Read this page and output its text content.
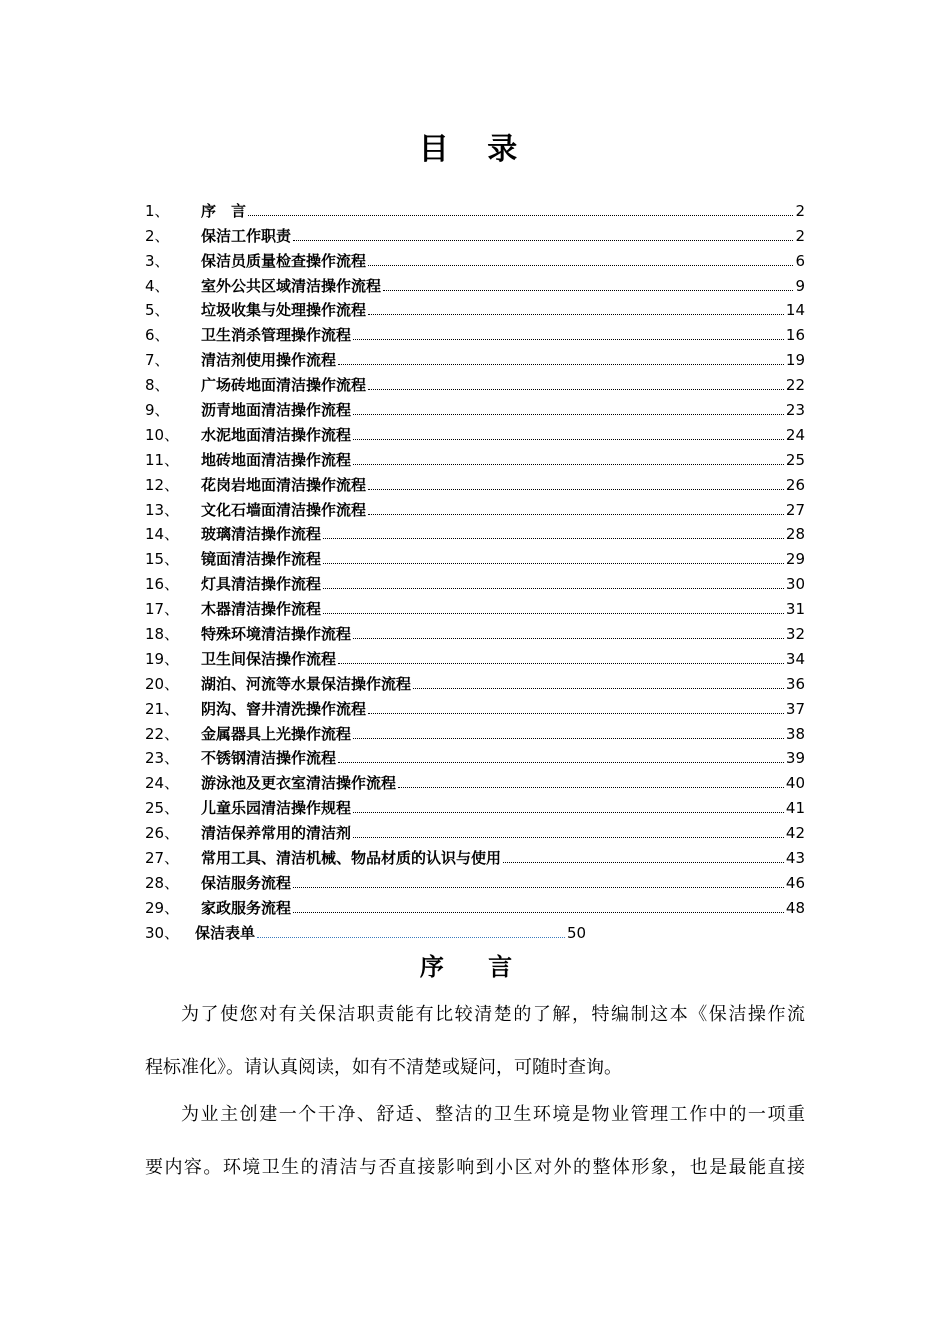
目 录
1、	序　言	2
2、	保洁工作职责	2
3、	保洁员质量检查操作流程	6
4、	室外公共区域清洁操作流程	9
5、	垃圾收集与处理操作流程	14
6、	卫生消杀管理操作流程	16
7、	清洁剂使用操作流程	19
8、	广场砖地面清洁操作流程	22
9、	沥青地面清洁操作流程	23
10、	水泥地面清洁操作流程	24
11、	地砖地面清洁操作流程	25
12、	花岗岩地面清洁操作流程	26
13、	文化石墙面清洁操作流程	27
14、	玻璃清洁操作流程	28
15、	镜面清洁操作流程	29
16、	灯具清洁操作流程	30
17、	木器清洁操作流程	31
18、	特殊环境清洁操作流程	32
19、	卫生间保洁操作流程	34
20、	湖泊、河流等水景保洁操作流程	36
21、	阴沟、窨井清洗操作流程	37
22、	金属器具上光操作流程	38
23、	不锈钢清洁操作流程	39
24、	游泳池及更衣室清洁操作流程	40
25、	儿童乐园清洁操作规程	41
26、	清洁保养常用的清洁剂	42
27、	常用工具、清洁机械、物品材质的认识与使用	43
28、	保洁服务流程	46
29、	家政服务流程	48
30、	保洁表单	50
序 言
为了使您对有关保洁职责能有比较清楚的了解，特编制这本《保洁操作流
程标准化》。请认真阅读，如有不清楚或疑问，可随时查询。
为业主创建一个干净、舒适、整洁的卫生环境是物业管理工作中的一项重
要内容。环境卫生的清洁与否直接影响到小区对外的整体形象，也是最能直接
